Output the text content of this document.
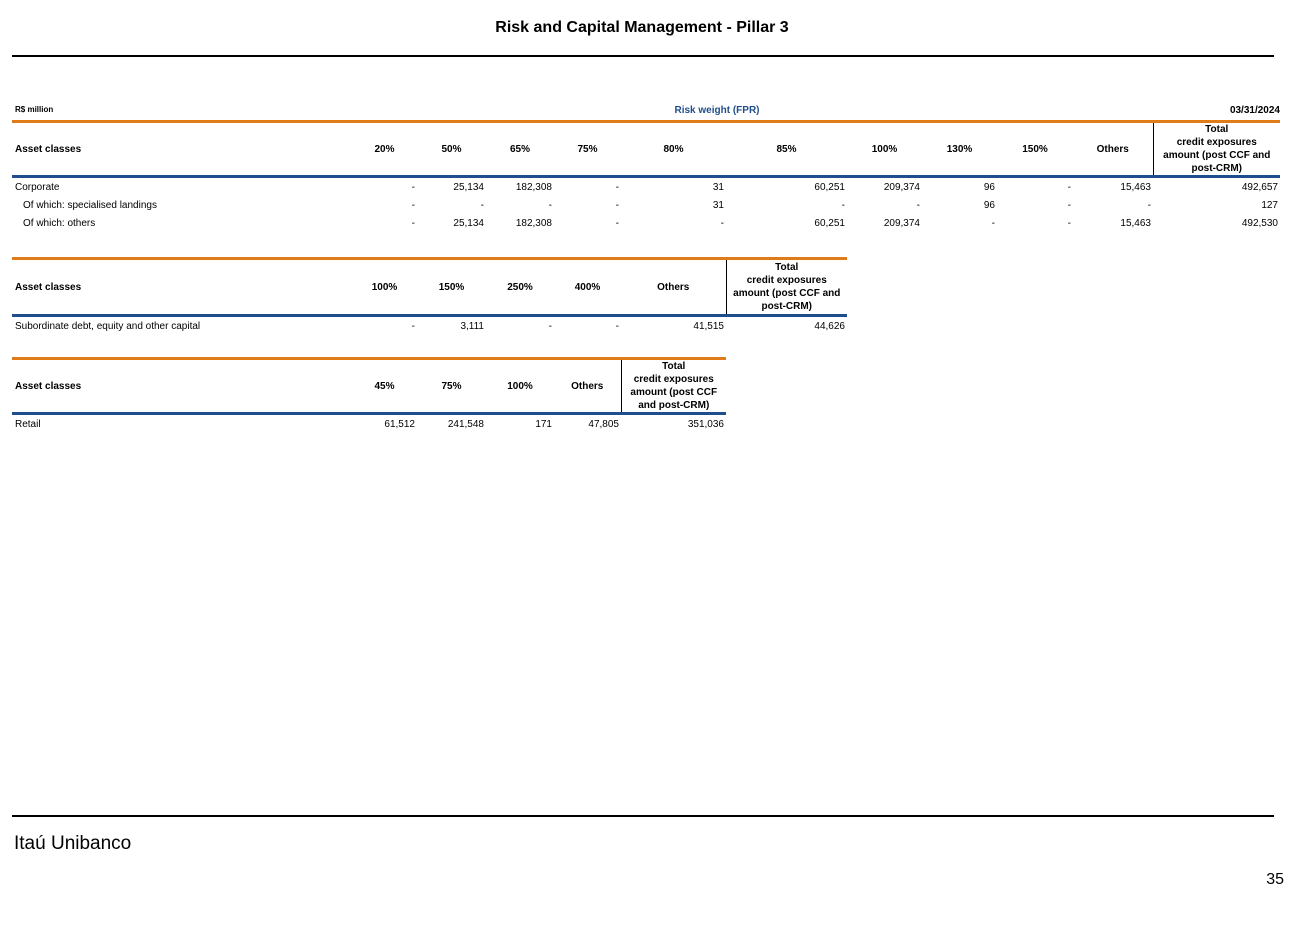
Risk and Capital Management - Pillar 3
R$ million	Risk weight (FPR)	03/31/2024
Asset classes	20%	50%	65%	75%	80%	85%	100%	130%	150%	Others	Total
credit exposures
amount (post CCF and
post-CRM)

Corporate	-	25,134	182,308	-	31	60,251	209,374	96	-	15,463	492,657
Of which: specialised landings	-	-	-	-	31	-	-	96	-	-	127
Of which: others	-	25,134	182,308	-	-	60,251	209,374	-	-	15,463	492,530
Asset classes	100%	150%	250%	400%	Others	Total
credit exposures
amount (post CCF and
post-CRM)

Subordinate debt, equity and other capital	-	3,111	-	-	41,515	44,626
Asset classes	45%	75%	100%	Others	Total
credit exposures
amount (post CCF
and post-CRM)

Retail	61,512	241,548	171	47,805	351,036
Itaú Unibanco
35
